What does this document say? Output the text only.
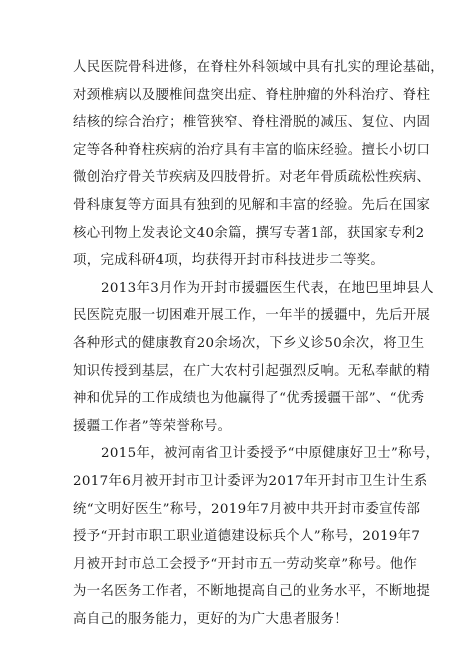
人民医院骨科进修，在脊柱外科领域中具有扎实的理论基础，
对颈椎病以及腰椎间盘突出症、脊柱肿瘤的外科治疗、脊柱
结核的综合治疗；椎管狭窄、脊柱滑脱的减压、复位、内固
定等各种脊柱疾病的治疗具有丰富的临床经验。擅长小切口
微创治疗骨关节疾病及四肢骨折。对老年骨质疏松性疾病、
骨科康复等方面具有独到的见解和丰富的经验。先后在国家
核心刊物上发表论文40余篇，撰写专著1部，获国家专利2
项，完成科研4项，均获得开封市科技进步二等奖。
2013年3月作为开封市援疆医生代表，在地巴里坤县人
民医院克服一切困难开展工作，一年半的援疆中，先后开展
各种形式的健康教育20余场次，下乡义诊50余次，将卫生
知识传授到基层，在广大农村引起强烈反响。无私奉献的精
神和优异的工作成绩也为他赢得了“优秀援疆干部”、“优秀
援疆工作者”等荣誉称号。
2015年，被河南省卫计委授予“中原健康好卫士”称号，
2017年6月被开封市卫计委评为2017年开封市卫生计生系
统“文明好医生”称号，2019年7月被中共开封市委宣传部
授予“开封市职工职业道德建设标兵个人”称号，2019年7
月被开封市总工会授予“开封市五一劳动奖章”称号。他作
为一名医务工作者，不断地提高自己的业务水平，不断地提
高自己的服务能力，更好的为广大患者服务！
